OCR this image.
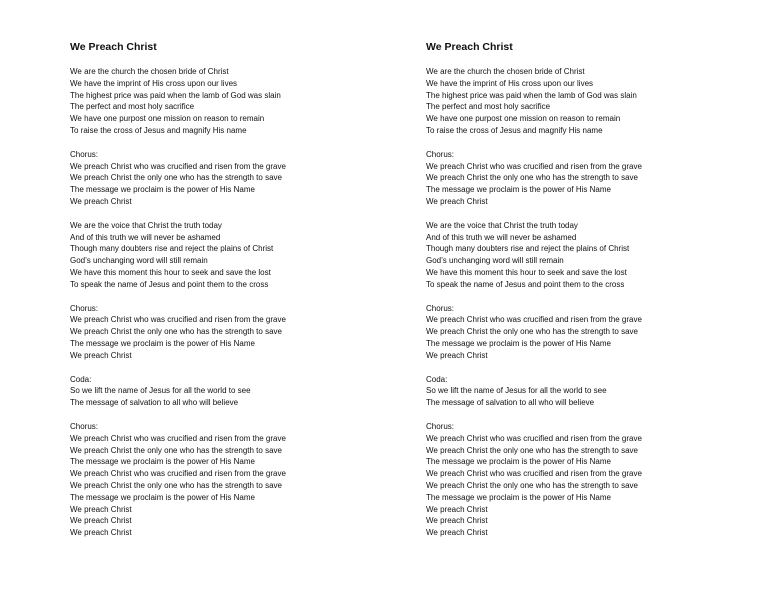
We Preach Christ
We are the church the chosen bride of Christ
We have the imprint of His cross upon our lives
The highest price was paid when the lamb of God was slain
The perfect and most holy sacrifice
We have one purpost one mission on reason to remain
To raise the cross of Jesus and magnify His name
Chorus:
We preach Christ who was crucified and risen from the grave
We preach Christ the only one who has the strength to save
The message we proclaim is the power of His Name
We preach Christ
We are the voice that Christ the truth today
And of this truth we will never be ashamed
Though many doubters rise and reject the plains of Christ
God’s unchanging word will still remain
We have this moment this hour to seek and save the lost
To speak the name of Jesus and point them to the cross
Chorus:
We preach Christ who was crucified and risen from the grave
We preach Christ the only one who has the strength to save
The message we proclaim is the power of His Name
We preach Christ
Coda:
So we lift the name of Jesus for all the world to see
The message of salvation to all who will believe
Chorus:
We preach Christ who was crucified and risen from the grave
We preach Christ the only one who has the strength to save
The message we proclaim is the power of His Name
We preach Christ who was crucified and risen from the grave
We preach Christ the only one who has the strength to save
The message we proclaim is the power of His Name
We preach Christ
We preach Christ
We preach Christ
We Preach Christ
We are the church the chosen bride of Christ
We have the imprint of His cross upon our lives
The highest price was paid when the lamb of God was slain
The perfect and most holy sacrifice
We have one purpost one mission on reason to remain
To raise the cross of Jesus and magnify His name
Chorus:
We preach Christ who was crucified and risen from the grave
We preach Christ the only one who has the strength to save
The message we proclaim is the power of His Name
We preach Christ
We are the voice that Christ the truth today
And of this truth we will never be ashamed
Though many doubters rise and reject the plains of Christ
God’s unchanging word will still remain
We have this moment this hour to seek and save the lost
To speak the name of Jesus and point them to the cross
Chorus:
We preach Christ who was crucified and risen from the grave
We preach Christ the only one who has the strength to save
The message we proclaim is the power of His Name
We preach Christ
Coda:
So we lift the name of Jesus for all the world to see
The message of salvation to all who will believe
Chorus:
We preach Christ who was crucified and risen from the grave
We preach Christ the only one who has the strength to save
The message we proclaim is the power of His Name
We preach Christ who was crucified and risen from the grave
We preach Christ the only one who has the strength to save
The message we proclaim is the power of His Name
We preach Christ
We preach Christ
We preach Christ
